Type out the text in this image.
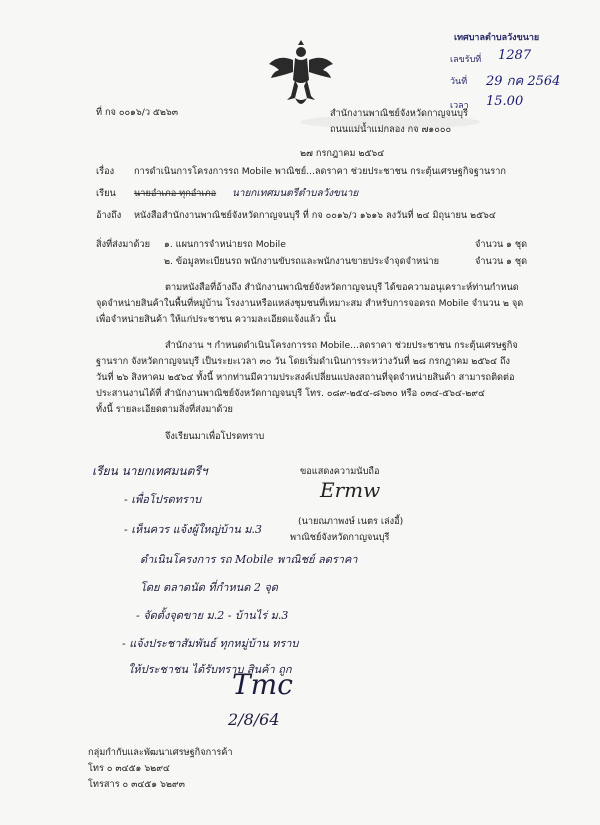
เทศบาลตำบลวังขนาย
เลขรับที่ 1287
วันที่ 29 กค 2564
เวลา 15.00
ที่ กจ ๐๐๑๖/ว ๕๒๖๓	สำนักงานพาณิชย์จังหวัดกาญจนบุรี
ถนนแม่น้ำแม่กลอง กจ ๗๑๐๐๐
๒๗ กรกฎาคม ๒๕๖๔
เรื่อง การดำเนินการโครงการรถ Mobile พาณิชย์...ลดราคา ช่วยประชาชน กระตุ้นเศรษฐกิจฐานราก
เรียน นายอำเภอ ทุกอำเภอ นายกเทศมนตรีตำบลวังขนาย
อ้างถึง หนังสือสำนักงานพาณิชย์จังหวัดกาญจนบุรี ที่ กจ ๐๐๑๖/ว ๑๖๑๖ ลงวันที่ ๒๔ มิถุนายน ๒๕๖๔
สิ่งที่ส่งมาด้วย ๑. แผนการจำหน่ายรถ Mobile	จำนวน ๑ ชุด
๒. ข้อมูลทะเบียนรถ พนักงานขับรถและพนักงานขายประจำจุดจำหน่าย	จำนวน ๑ ชุด
ตามหนังสือที่อ้างถึง สำนักงานพาณิชย์จังหวัดกาญจนบุรี ได้ขอความอนุเคราะห์ท่านกำหนด
จุดจำหน่ายสินค้าในพื้นที่หมู่บ้าน โรงงานหรือแหล่งชุมชนที่เหมาะสม สำหรับการจอดรถ Mobile จำนวน ๒ จุด
เพื่อจำหน่ายสินค้า ให้แก่ประชาชน ความละเอียดแจ้งแล้ว นั้น
สำนักงาน ฯ กำหนดดำเนินโครงการรถ Mobile...ลดราคา ช่วยประชาชน กระตุ้นเศรษฐกิจ
ฐานราก จังหวัดกาญจนบุรี เป็นระยะเวลา ๓๐ วัน โดยเริ่มดำเนินการระหว่างวันที่ ๒๘ กรกฎาคม ๒๕๖๔ ถึง
วันที่ ๒๖ สิงหาคม ๒๕๖๔ ทั้งนี้ หากท่านมีความประสงค์เปลี่ยนแปลงสถานที่จุดจำหน่ายสินค้า สามารถติดต่อ
ประสานงานได้ที่ สำนักงานพาณิชย์จังหวัดกาญจนบุรี โทร. ๐๘๙-๒๕๔-๘๖๓๐ หรือ ๐๓๔-๕๖๔-๒๙๔
ทั้งนี้ รายละเอียดตามสิ่งที่ส่งมาด้วย
จึงเรียนมาเพื่อโปรดทราบ
ขอแสดงความนับถือ
Ermw
(นายณภาพงษ์ เนตร เล่งอี้)
พาณิชย์จังหวัดกาญจนบุรี
เรียน นายกเทศมนตรีฯ
- เพื่อโปรดทราบ
- เห็นควร แจ้งผู้ใหญ่บ้าน ม.3
ดำเนินโครงการ รถ Mobile พาณิชย์ ลดราคา
โดย ตลาดนัด ที่กำหนด 2 จุด
- จัดตั้งจุดขาย ม.2 - บ้านไร่ ม.3
- แจ้งประชาสัมพันธ์ ทุกหมู่บ้าน ทราบ
ให้ประชาชน ได้รับทราบ สินค้า ถูก
Tmc
2/8/64
กลุ่มกำกับและพัฒนาเศรษฐกิจการค้า
โทร ๐ ๓๔๕๑ ๖๒๙๔
โทรสาร ๐ ๓๔๕๑ ๖๒๙๓
